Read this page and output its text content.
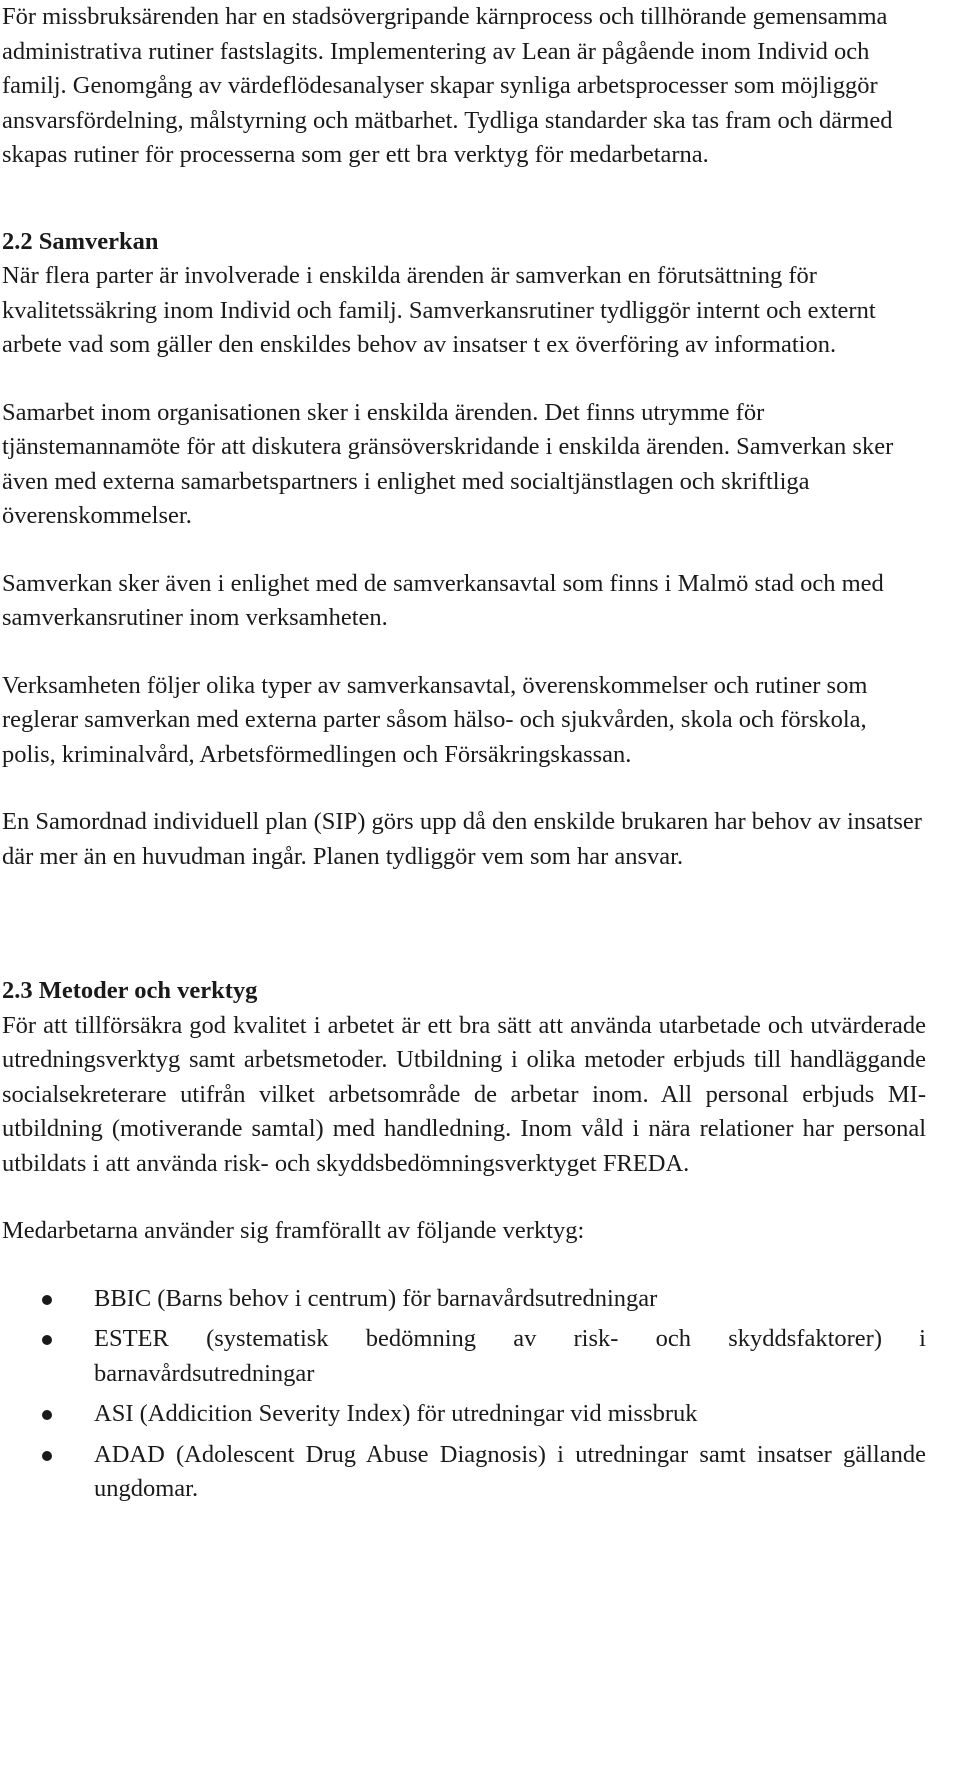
För missbruksärenden har en stadsövergripande kärnprocess och tillhörande gemensamma administrativa rutiner fastslagits. Implementering av Lean är pågående inom Individ och familj. Genomgång av värdeflödesanalyser skapar synliga arbetsprocesser som möjliggör ansvarsfördelning, målstyrning och mätbarhet. Tydliga standarder ska tas fram och därmed skapas rutiner för processerna som ger ett bra verktyg för medarbetarna.

2.2 Samverkan

När flera parter är involverade i enskilda ärenden är samverkan en förutsättning för kvalitetssäkring inom Individ och familj. Samverkansrutiner tydliggör internt och externt arbete vad som gäller den enskildes behov av insatser t ex överföring av information.

Samarbet inom organisationen sker i enskilda ärenden. Det finns utrymme för tjänstemannamöte för att diskutera gränsöverskridande i enskilda ärenden. Samverkan sker även med externa samarbetspartners i enlighet med socialtjänstlagen och skriftliga överenskommelser.

Samverkan sker även i enlighet med de samverkansavtal som finns i Malmö stad och med samverkansrutiner inom verksamheten.

Verksamheten följer olika typer av samverkansavtal, överenskommelser och rutiner som reglerar samverkan med externa parter såsom hälso- och sjukvården, skola och förskola, polis, kriminalvård, Arbetsförmedlingen och Försäkringskassan.

En Samordnad individuell plan (SIP) görs upp då den enskilde brukaren har behov av insatser där mer än en huvudman ingår. Planen tydliggör vem som har ansvar.

2.3 Metoder och verktyg

För att tillförsäkra god kvalitet i arbetet är ett bra sätt att använda utarbetade och utvärderade utredningsverktyg samt arbetsmetoder. Utbildning i olika metoder erbjuds till handläggande socialsekreterare utifrån vilket arbetsområde de arbetar inom. All personal erbjuds MI-utbildning (motiverande samtal) med handledning. Inom våld i nära relationer har personal utbildats i att använda risk- och skyddsbedömningsverktyget FREDA.

Medarbetarna använder sig framförallt av följande verktyg:

BBIC (Barns behov i centrum) för barnavårdsutredningar
ESTER (systematisk bedömning av risk- och skyddsfaktorer) i barnavårdsutredningar
ASI (Addicition Severity Index) för utredningar vid missbruk
ADAD (Adolescent Drug Abuse Diagnosis) i utredningar samt insatser gällande ungdomar.
